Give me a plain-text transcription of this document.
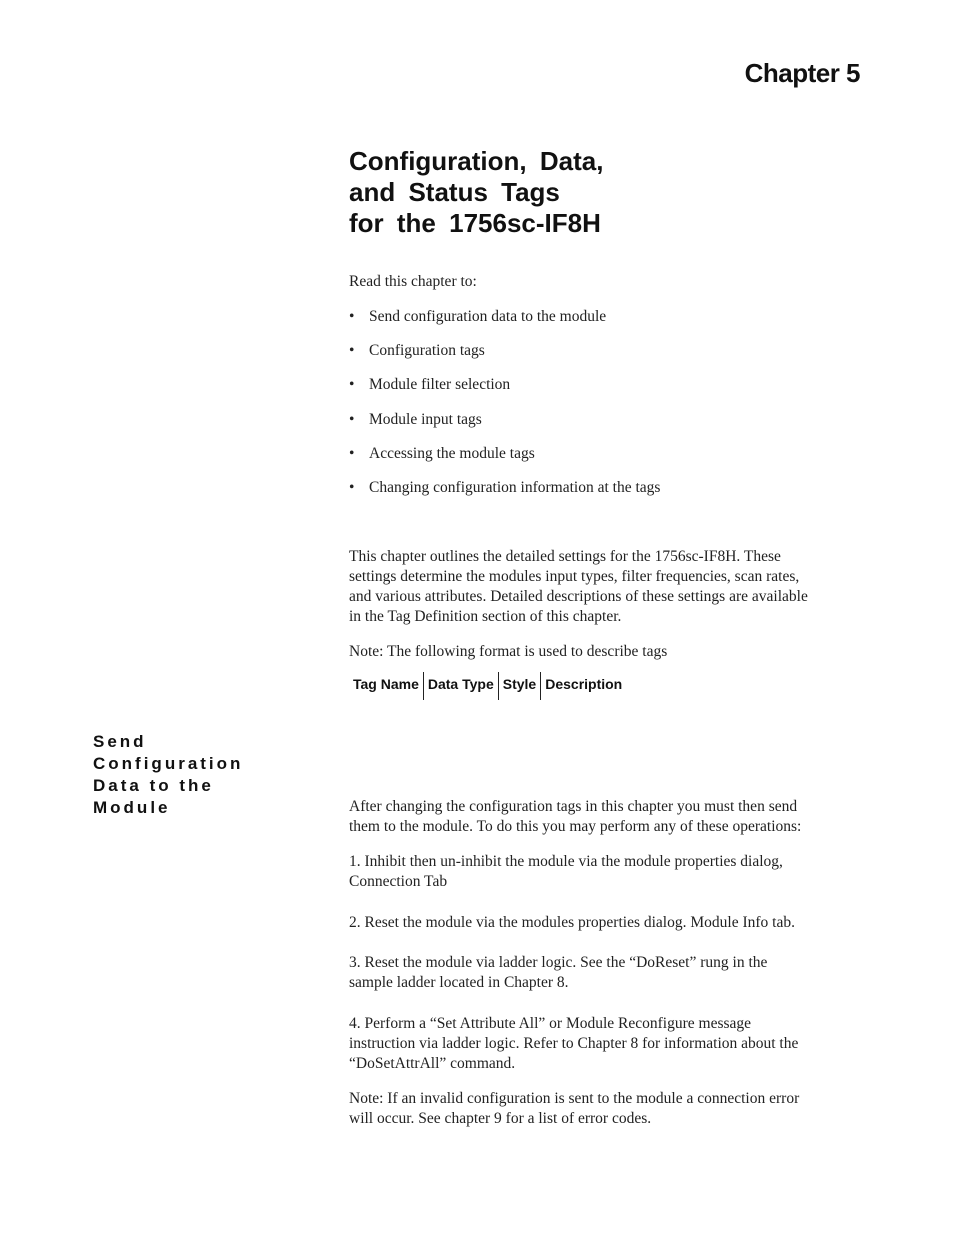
Chapter 5
Configuration, Data,
and Status Tags
for the 1756sc-IF8H
Read this chapter to:
• Send configuration data to the module
• Configuration tags
• Module filter selection
• Module input tags
• Accessing the module tags
• Changing configuration information at the tags
This chapter outlines the detailed settings for the 1756sc-IF8H. These
settings determine the modules input types, filter frequencies, scan rates,
and various attributes. Detailed descriptions of these settings are available
in the Tag Definition section of this chapter.
Note: The following format is used to describe tags
Tag Name Data Type Style Description
Send
Configuration
Data to the
Module	After changing the configuration tags in this chapter you must then send
them to the module. To do this you may perform any of these operations:
1. Inhibit then un-inhibit the module via the module properties dialog,
Connection Tab
2. Reset the module via the modules properties dialog. Module Info tab.
3. Reset the module via ladder logic. See the “DoReset” rung in the
sample ladder located in Chapter 8.
4. Perform a “Set Attribute All” or Module Reconfigure message
instruction via ladder logic. Refer to Chapter 8 for information about the
“DoSetAttrAll” command.
Note: If an invalid configuration is sent to the module a connection error
will occur. See chapter 9 for a list of error codes.
